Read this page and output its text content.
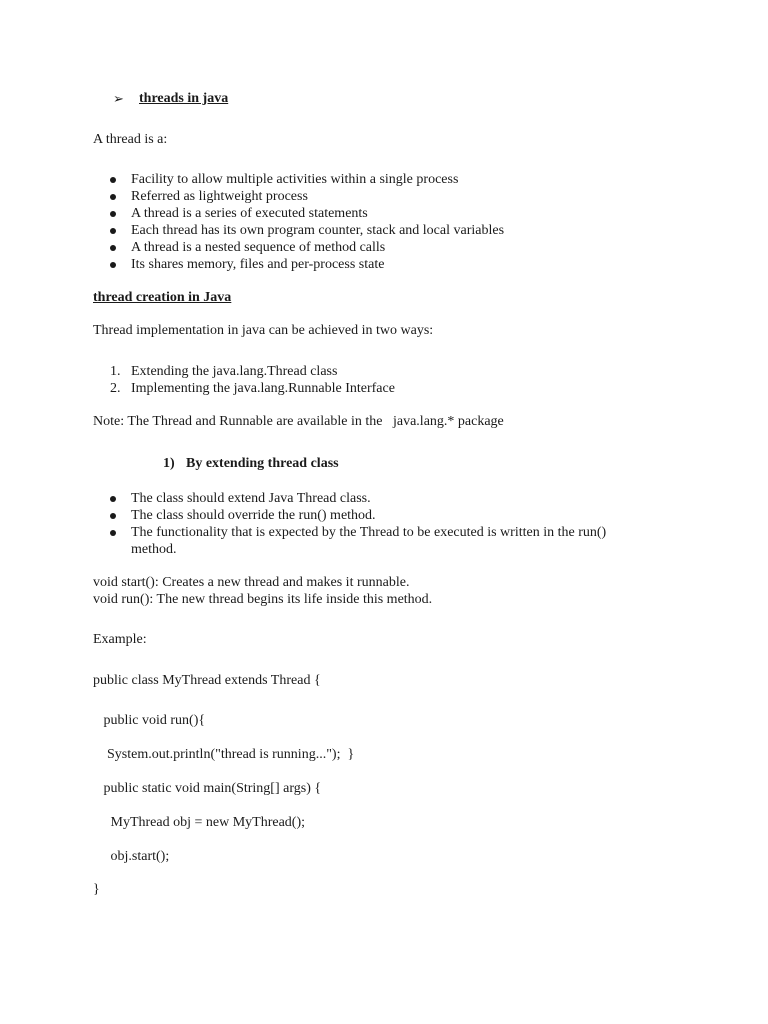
➢ threads in java
A thread is a:
Facility to allow multiple activities within a single process
Referred as lightweight process
A thread is a series of executed statements
Each thread has its own program counter, stack and local variables
A thread is a nested sequence of method calls
Its shares memory, files and per-process state
thread creation in Java
Thread implementation in java can be achieved in two ways:
1. Extending the java.lang.Thread class
2. Implementing the java.lang.Runnable Interface
Note: The Thread and Runnable are available in the   java.lang.* package
1) By extending thread class
The class should extend Java Thread class.
The class should override the run() method.
The functionality that is expected by the Thread to be executed is written in the run()
method.
void start(): Creates a new thread and makes it runnable.
void run(): The new thread begins its life inside this method.
Example:
public class MyThread extends Thread {
public void run(){
System.out.println("thread is running...");  }
public static void main(String[] args) {
MyThread obj = new MyThread();
obj.start();
}
